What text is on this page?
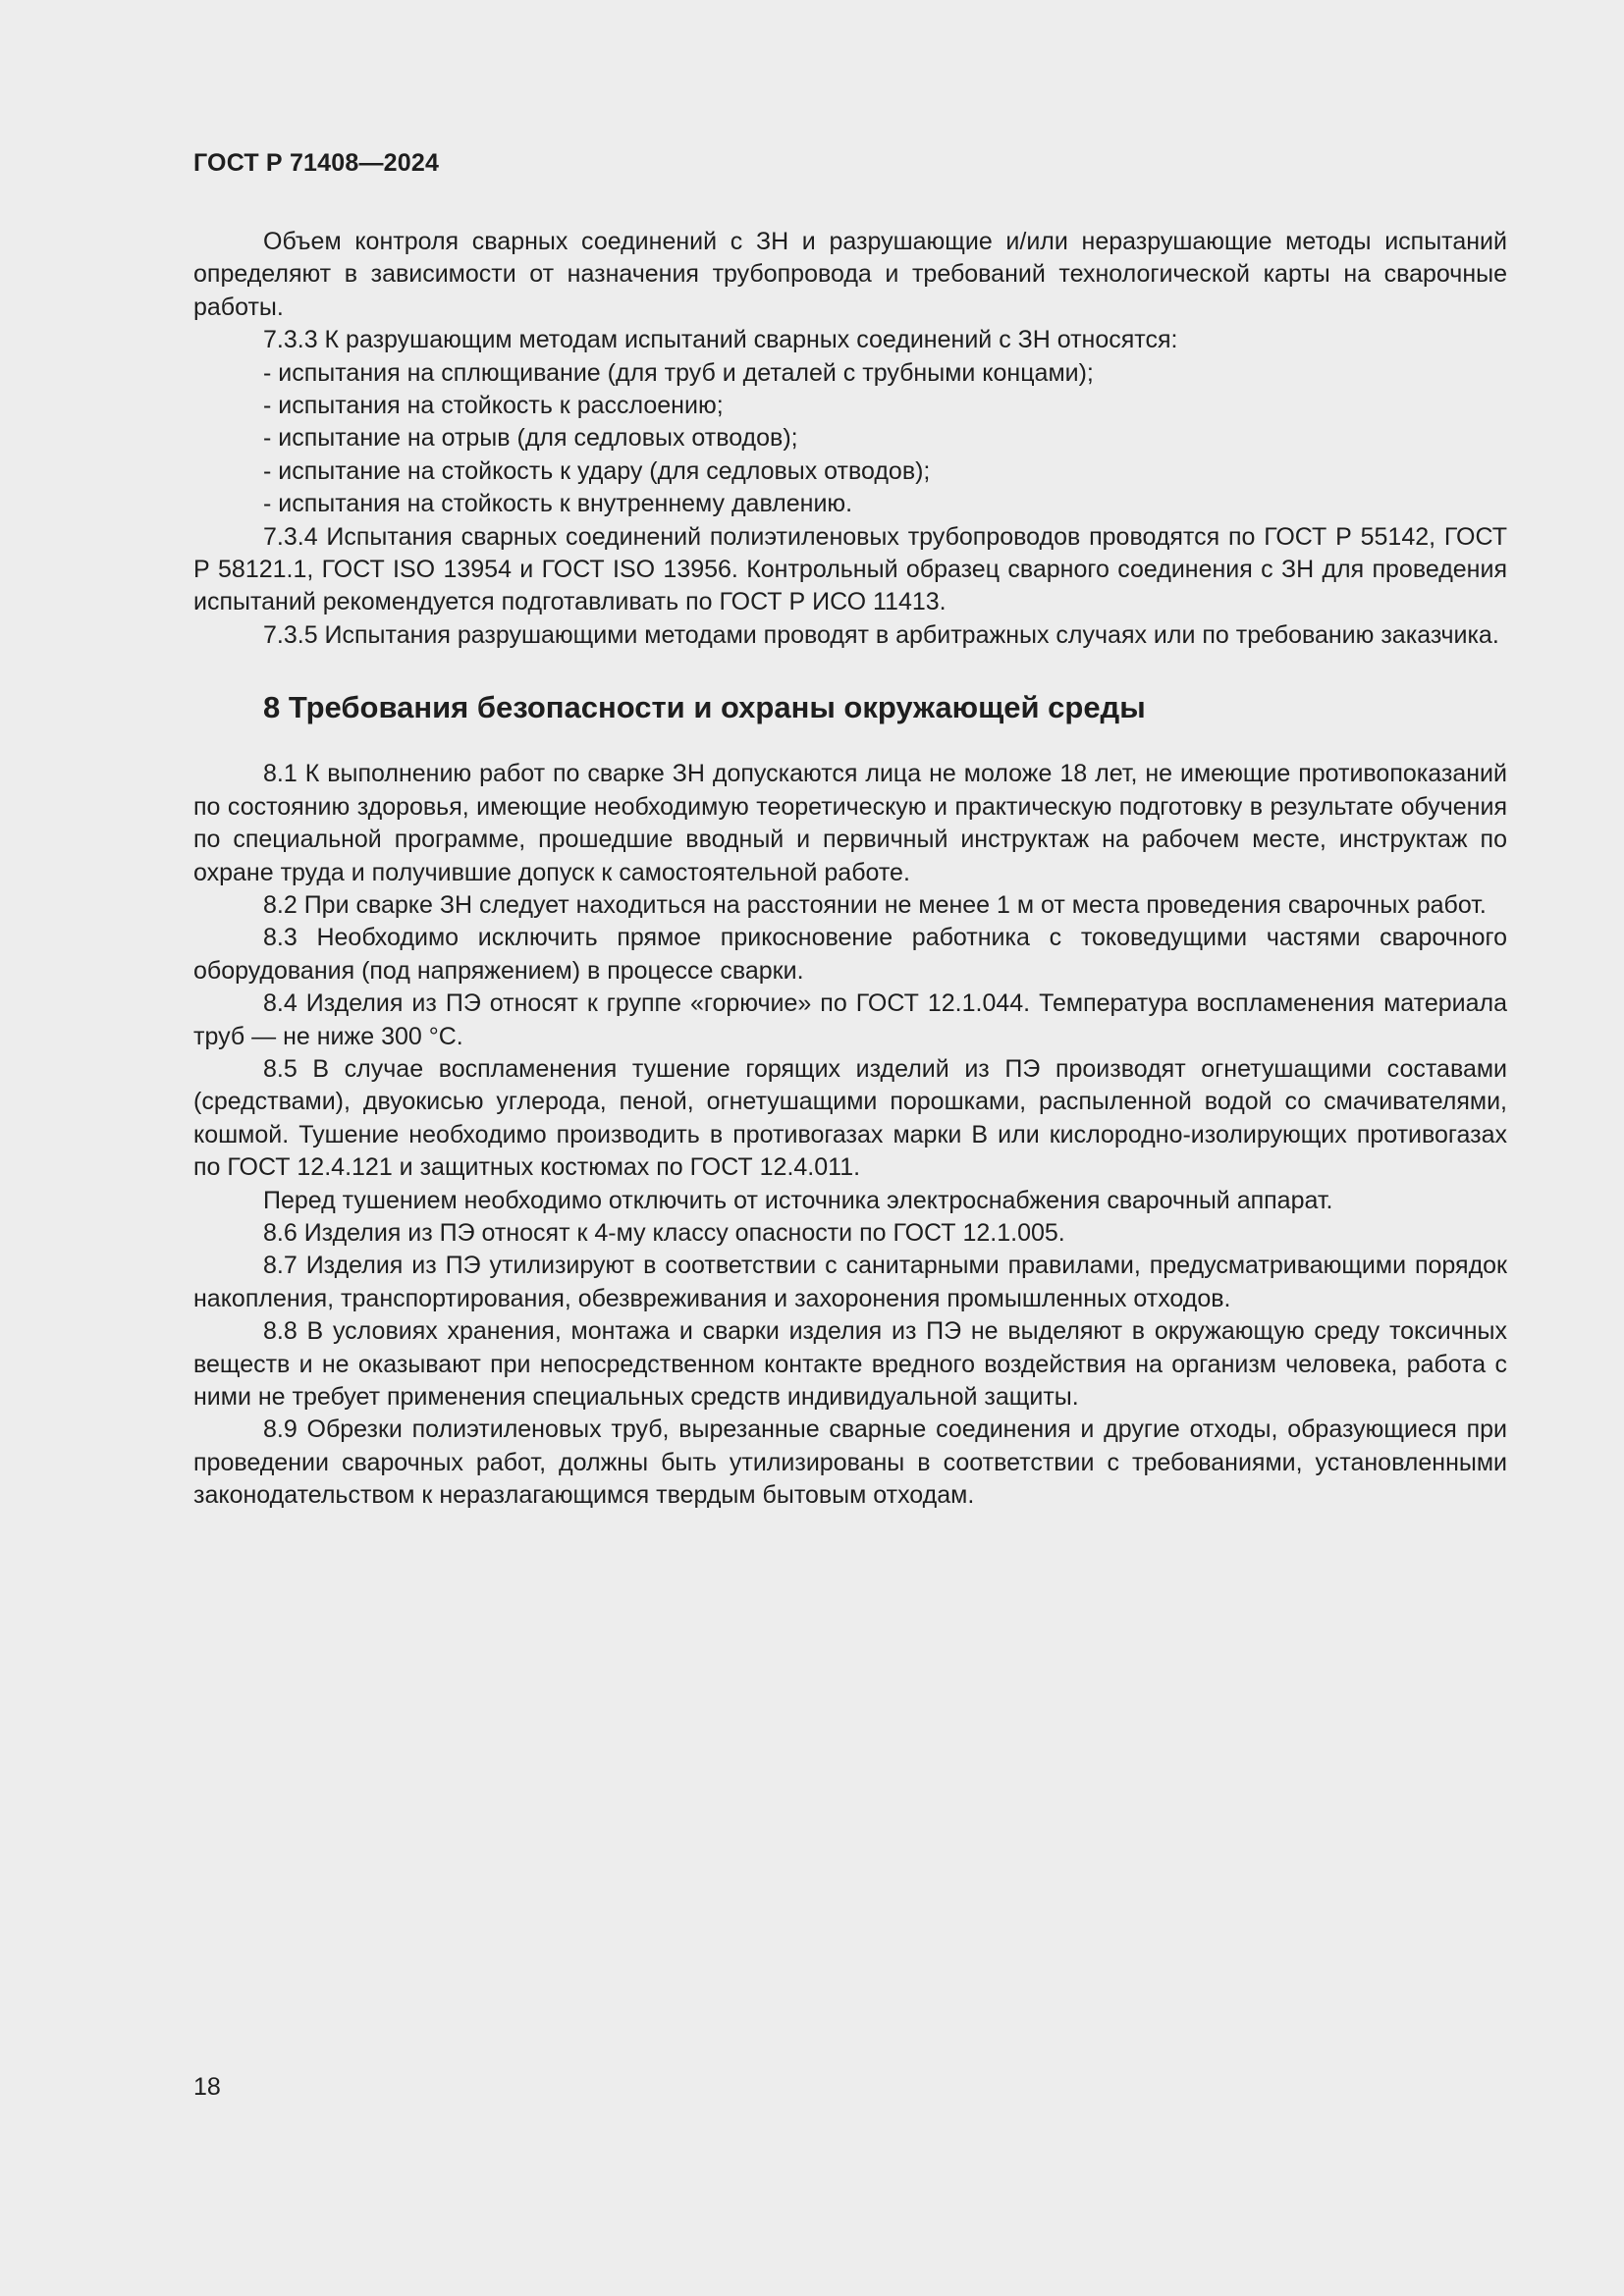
ГОСТ Р 71408—2024

Объем контроля сварных соединений с ЗН и разрушающие и/или неразрушающие методы испытаний определяют в зависимости от назначения трубопровода и требований технологической карты на сварочные работы.

7.3.3 К разрушающим методам испытаний сварных соединений с ЗН относятся:

- испытания на сплющивание (для труб и деталей с трубными концами);

- испытания на стойкость к расслоению;

- испытание на отрыв (для седловых отводов);

- испытание на стойкость к удару (для седловых отводов);

- испытания на стойкость к внутреннему давлению.

7.3.4 Испытания сварных соединений полиэтиленовых трубопроводов проводятся по ГОСТ Р 55142, ГОСТ Р 58121.1, ГОСТ ISO 13954 и ГОСТ ISO 13956. Контрольный образец сварного соединения с ЗН для проведения испытаний рекомендуется подготавливать по ГОСТ Р ИСО 11413.

7.3.5 Испытания разрушающими методами проводят в арбитражных случаях или по требованию заказчика.

8 Требования безопасности и охраны окружающей среды

8.1 К выполнению работ по сварке ЗН допускаются лица не моложе 18 лет, не имеющие противопоказаний по состоянию здоровья, имеющие необходимую теоретическую и практическую подготовку в результате обучения по специальной программе, прошедшие вводный и первичный инструктаж на рабочем месте, инструктаж по охране труда и получившие допуск к самостоятельной работе.

8.2 При сварке ЗН следует находиться на расстоянии не менее 1 м от места проведения сварочных работ.

8.3 Необходимо исключить прямое прикосновение работника с токоведущими частями сварочного оборудования (под напряжением) в процессе сварки.

8.4 Изделия из ПЭ относят к группе «горючие» по ГОСТ 12.1.044. Температура воспламенения материала труб — не ниже 300 °С.

8.5 В случае воспламенения тушение горящих изделий из ПЭ производят огнетушащими составами (средствами), двуокисью углерода, пеной, огнетушащими порошками, распыленной водой со смачивателями, кошмой. Тушение необходимо производить в противогазах марки В или кислородно-изолирующих противогазах по ГОСТ 12.4.121 и защитных костюмах по ГОСТ 12.4.011.

Перед тушением необходимо отключить от источника электроснабжения сварочный аппарат.

8.6 Изделия из ПЭ относят к 4-му классу опасности по ГОСТ 12.1.005.

8.7 Изделия из ПЭ утилизируют в соответствии с санитарными правилами, предусматривающими порядок накопления, транспортирования, обезвреживания и захоронения промышленных отходов.

8.8 В условиях хранения, монтажа и сварки изделия из ПЭ не выделяют в окружающую среду токсичных веществ и не оказывают при непосредственном контакте вредного воздействия на организм человека, работа с ними не требует применения специальных средств индивидуальной защиты.

8.9 Обрезки полиэтиленовых труб, вырезанные сварные соединения и другие отходы, образующиеся при проведении сварочных работ, должны быть утилизированы в соответствии с требованиями, установленными законодательством к неразлагающимся твердым бытовым отходам.

18
